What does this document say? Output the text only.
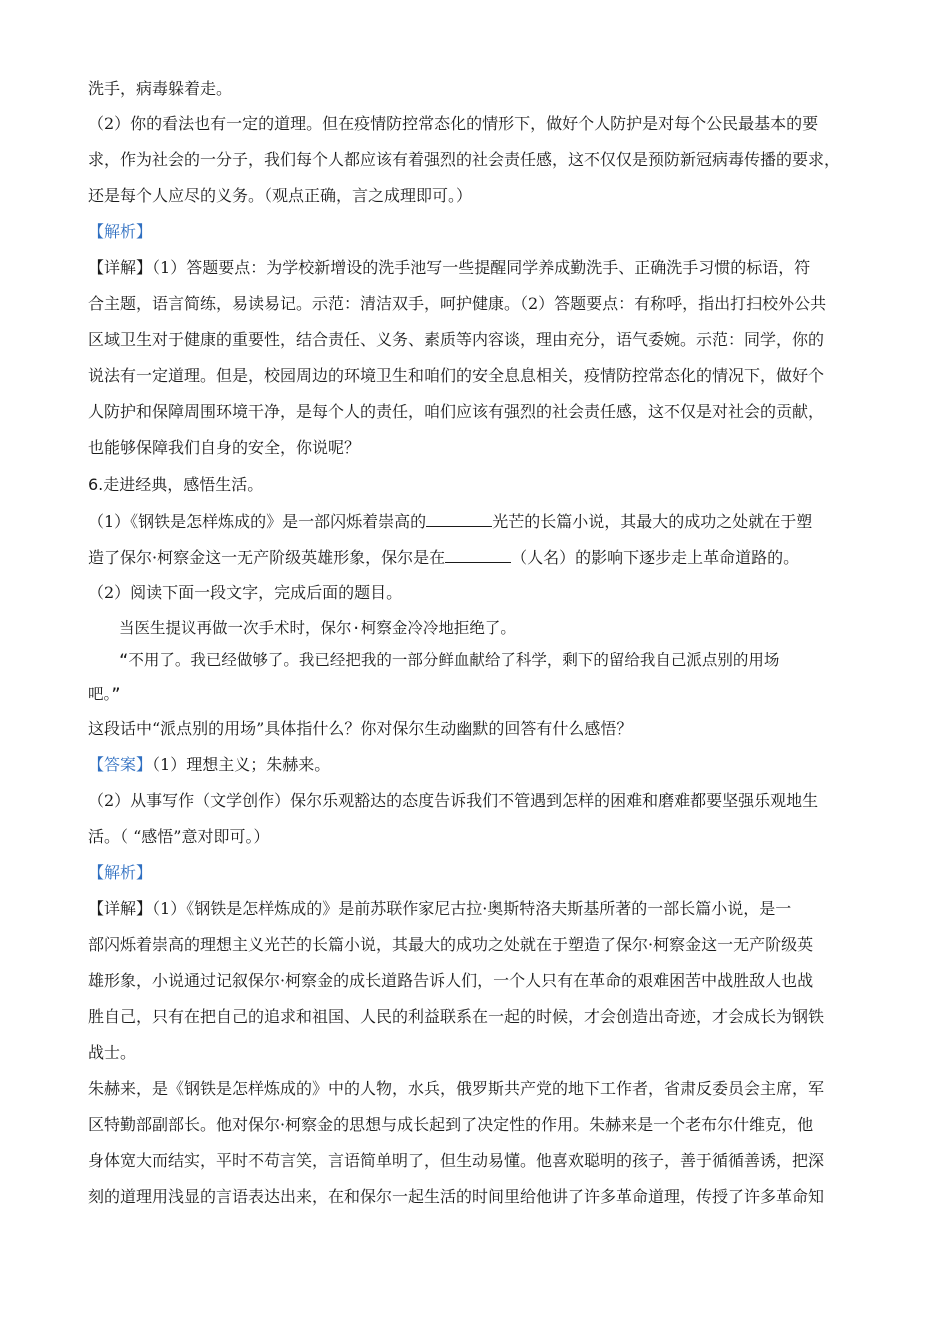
洗手，病毒躲着走。
（2）你的看法也有一定的道理。但在疫情防控常态化的情形下，做好个人防护是对每个公民最基本的要
求，作为社会的一分子，我们每个人都应该有着强烈的社会责任感，这不仅仅是预防新冠病毒传播的要求，
还是每个人应尽的义务。（观点正确，言之成理即可。）
【解析】
【详解】（1）答题要点：为学校新增设的洗手池写一些提醒同学养成勤洗手、正确洗手习惯的标语，符
合主题，语言简练，易读易记。示范：清洁双手，呵护健康。（2）答题要点：有称呼，指出打扫校外公共
区域卫生对于健康的重要性，结合责任、义务、素质等内容谈，理由充分，语气委婉。示范：同学，你的
说法有一定道理。但是，校园周边的环境卫生和咱们的安全息息相关，疫情防控常态化的情况下，做好个
人防护和保障周围环境干净，是每个人的责任，咱们应该有强烈的社会责任感，这不仅是对社会的贡献，
也能够保障我们自身的安全，你说呢？
6.走进经典，感悟生活。
（1）《钢铁是怎样炼成的》是一部闪烁着崇高的	光芒的长篇小说，其最大的成功之处就在于塑
造了保尔·柯察金这一无产阶级英雄形象，保尔是在	（人名）的影响下逐步走上革命道路的。
（2）阅读下面一段文字，完成后面的题目。
当医生提议再做一次手术时，保尔·柯察金冷冷地拒绝了。
“不用了。我已经做够了。我已经把我的一部分鲜血献给了科学，剩下的留给我自己派点别的用场
吧。”
这段话中“派点别的用场”具体指什么？你对保尔生动幽默的回答有什么感悟？
【答案】（1）理想主义；朱赫来。
（2）从事写作（文学创作）保尔乐观豁达的态度告诉我们不管遇到怎样的困难和磨难都要坚强乐观地生
活。（ “感悟”意对即可。）
【解析】
【详解】（1）《钢铁是怎样炼成的》是前苏联作家尼古拉·奥斯特洛夫斯基所著的一部长篇小说，是一
部闪烁着崇高的理想主义光芒的长篇小说，其最大的成功之处就在于塑造了保尔·柯察金这一无产阶级英
雄形象，小说通过记叙保尔·柯察金的成长道路告诉人们，一个人只有在革命的艰难困苦中战胜敌人也战
胜自己，只有在把自己的追求和祖国、人民的利益联系在一起的时候，才会创造出奇迹，才会成长为钢铁
战士。
朱赫来，是《钢铁是怎样炼成的》中的人物，水兵，俄罗斯共产党的地下工作者，省肃反委员会主席，军
区特勤部副部长。他对保尔·柯察金的思想与成长起到了决定性的作用。朱赫来是一个老布尔什维克，他
身体宽大而结实，平时不苟言笑，言语简单明了，但生动易懂。他喜欢聪明的孩子，善于循循善诱，把深
刻的道理用浅显的言语表达出来，在和保尔一起生活的时间里给他讲了许多革命道理，传授了许多革命知
